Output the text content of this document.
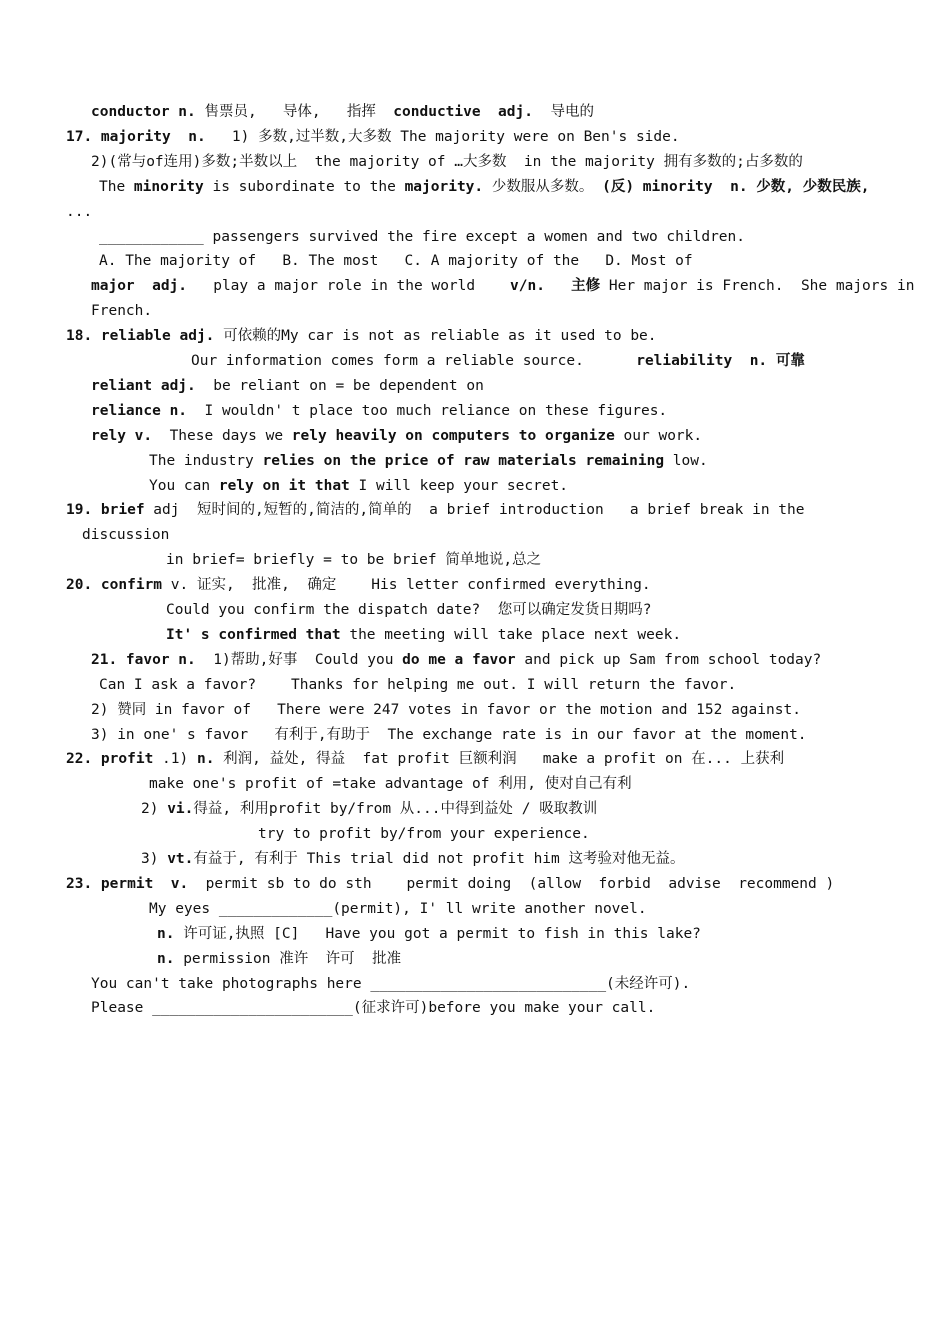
conductor n. 售票员,   导体,   指挥  conductive  adj.  导电的
17. majority  n.   1) 多数,过半数,大多数 The majority were on Ben's side.
2)(常与of连用)多数;半数以上  the majority of …大多数  in the majority 拥有多数的;占多数的
The minority is subordinate to the majority. 少数服从多数。 (反) minority  n. 少数, 少数民族,
...
____________ passengers survived the fire except a women and two children.
A. The majority of   B. The most   C. A majority of the   D. Most of
major  adj.   play a major role in the world    v/n.   主修 Her major is French.  She majors in
French.
18. reliable adj. 可依赖的My car is not as reliable as it used to be.
Our information comes form a reliable source.      reliability  n. 可靠
reliant adj.  be reliant on = be dependent on
reliance n.  I wouldn' t place too much reliance on these figures.
rely v.  These days we rely heavily on computers to organize our work.
The industry relies on the price of raw materials remaining low.
You can rely on it that I will keep your secret.
19. brief adj  短时间的,短暂的,简洁的,简单的  a brief introduction   a brief break in the
discussion
in brief= briefly = to be brief 简单地说,总之
20. confirm v. 证实,  批准,  确定    His letter confirmed everything.
Could you confirm the dispatch date?  您可以确定发货日期吗?
It' s confirmed that the meeting will take place next week.
21. favor n.  1)帮助,好事  Could you do me a favor and pick up Sam from school today?
Can I ask a favor?    Thanks for helping me out. I will return the favor.
2) 赞同 in favor of   There were 247 votes in favor or the motion and 152 against.
3) in one' s favor   有利于,有助于  The exchange rate is in our favor at the moment.
22. profit .1) n. 利润, 益处, 得益  fat profit 巨额利润   make a profit on 在... 上获利
make one's profit of =take advantage of 利用, 使对自己有利
2) vi.得益, 利用profit by/from 从...中得到益处 / 吸取教训
try to profit by/from your experience.
3) vt.有益于, 有利于 This trial did not profit him 这考验对他无益。
23. permit  v.  permit sb to do sth    permit doing  (allow  forbid  advise  recommend )
My eyes _____________(permit), I' ll write another novel.
n. 许可证,执照 [C]   Have you got a permit to fish in this lake?
n. permission 准许  许可  批准
You can't take photographs here ___________________________(未经许可).
Please _______________________(征求许可)before you make your call.
